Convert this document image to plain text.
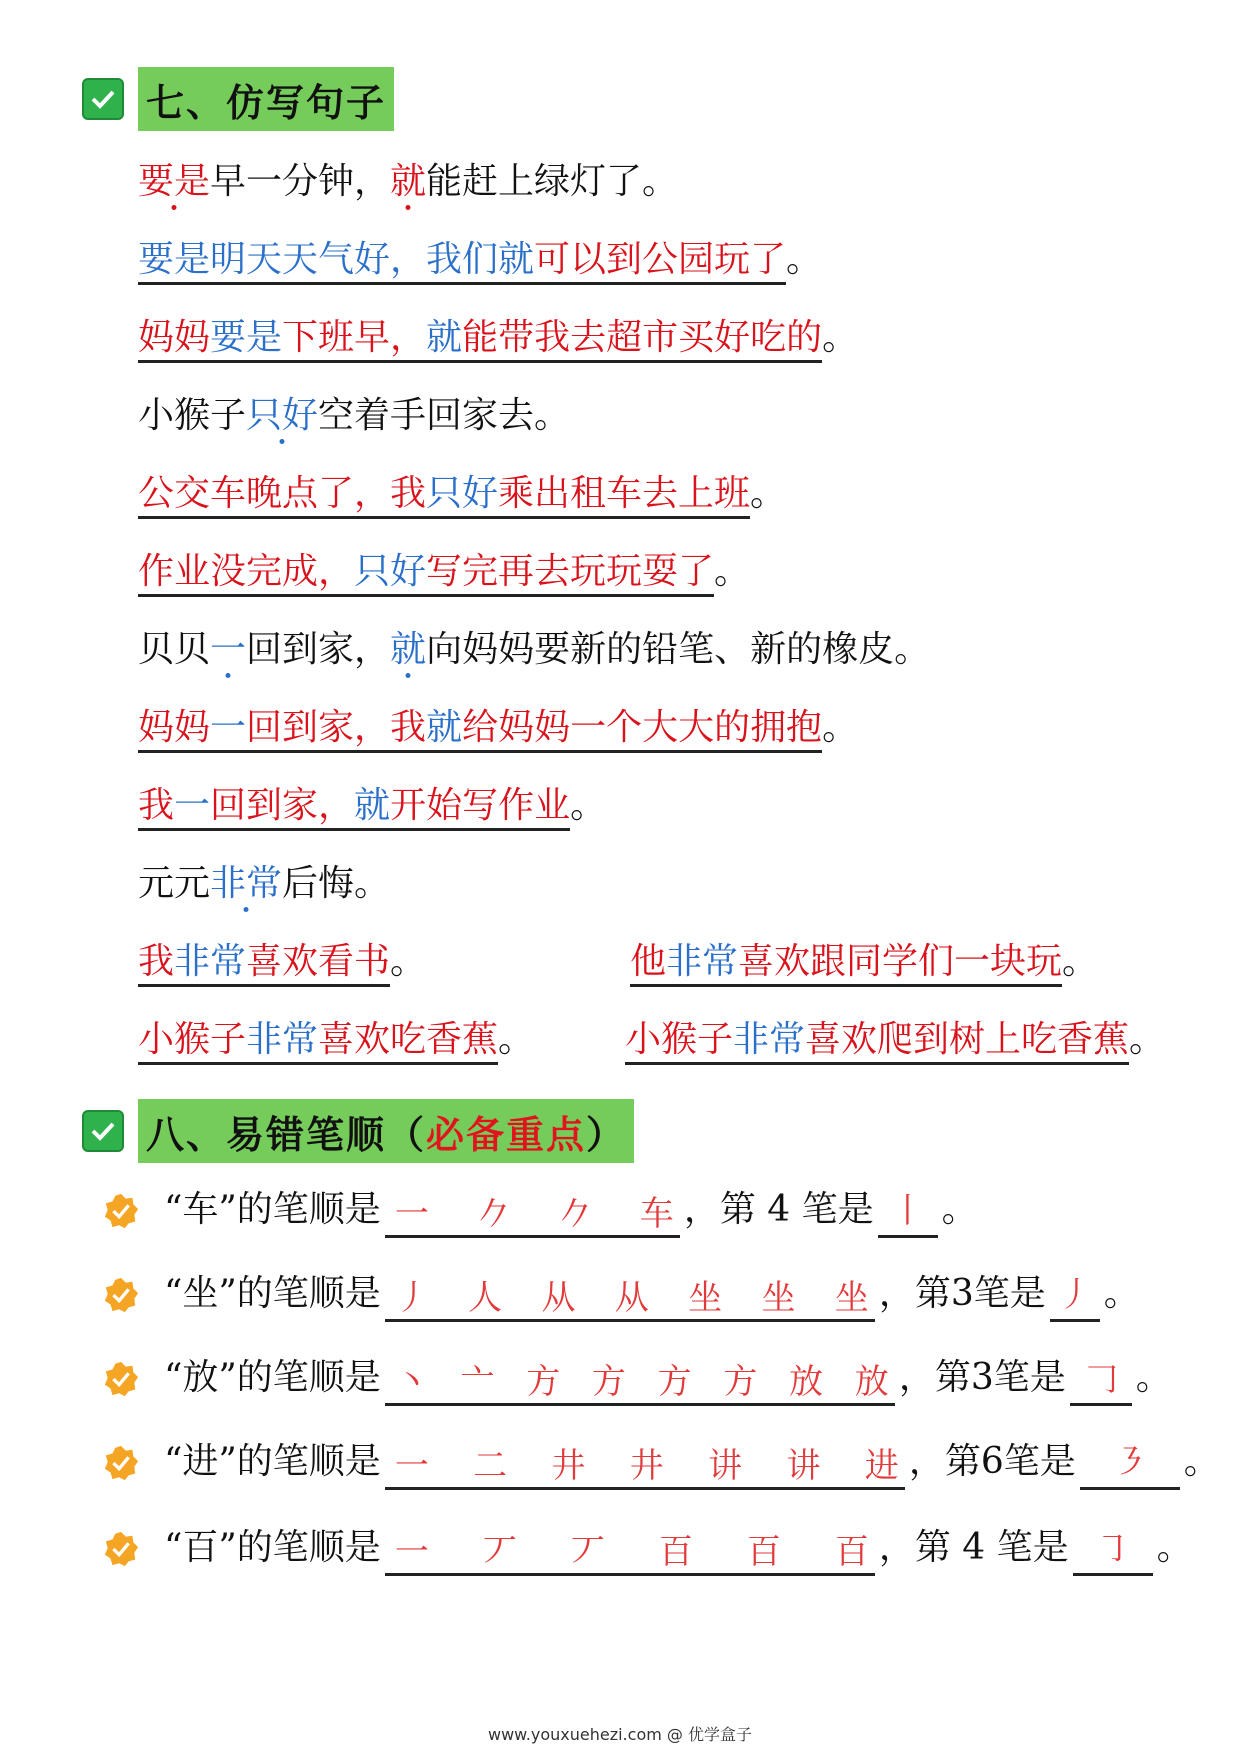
七、仿写句子
要是早一分钟，就能赶上绿灯了。
要是明天天气好，我们就可以到公园玩了。
妈妈要是下班早，就能带我去超市买好吃的。
小猴子只好空着手回家去。
公交车晚点了，我只好乘出租车去上班。
作业没完成，只好写完再去玩玩耍了。
贝贝一回到家，就向妈妈要新的铅笔、新的橡皮。
妈妈一回到家，我就给妈妈一个大大的拥抱。
我一回到家，就开始写作业。
元元非常后悔。
我非常喜欢看书。	他非常喜欢跟同学们一块玩。
小猴子非常喜欢吃香蕉。	小猴子非常喜欢爬到树上吃香蕉。
八、易错笔顺（ 必备重点 ）
“车”的笔顺是 一 𠂊 𠂊 车 ，第 4 笔是 丨 。
“坐”的笔顺是 丿 人 从 从 坐 坐 坐 ，第3笔是 丿 。
“放”的笔顺是 丶 亠 方 方 方 方 放 放 ，第3笔是 𠃌 。
“进”的笔顺是 一 二 井 井 讲 讲 进 ，第6笔是	㇋	。
“百”的笔顺是 一 丆 丆 百 百 百 ，第 4 笔是 ㇆ 。
www.youxuehezi.com @ 优学盒子
